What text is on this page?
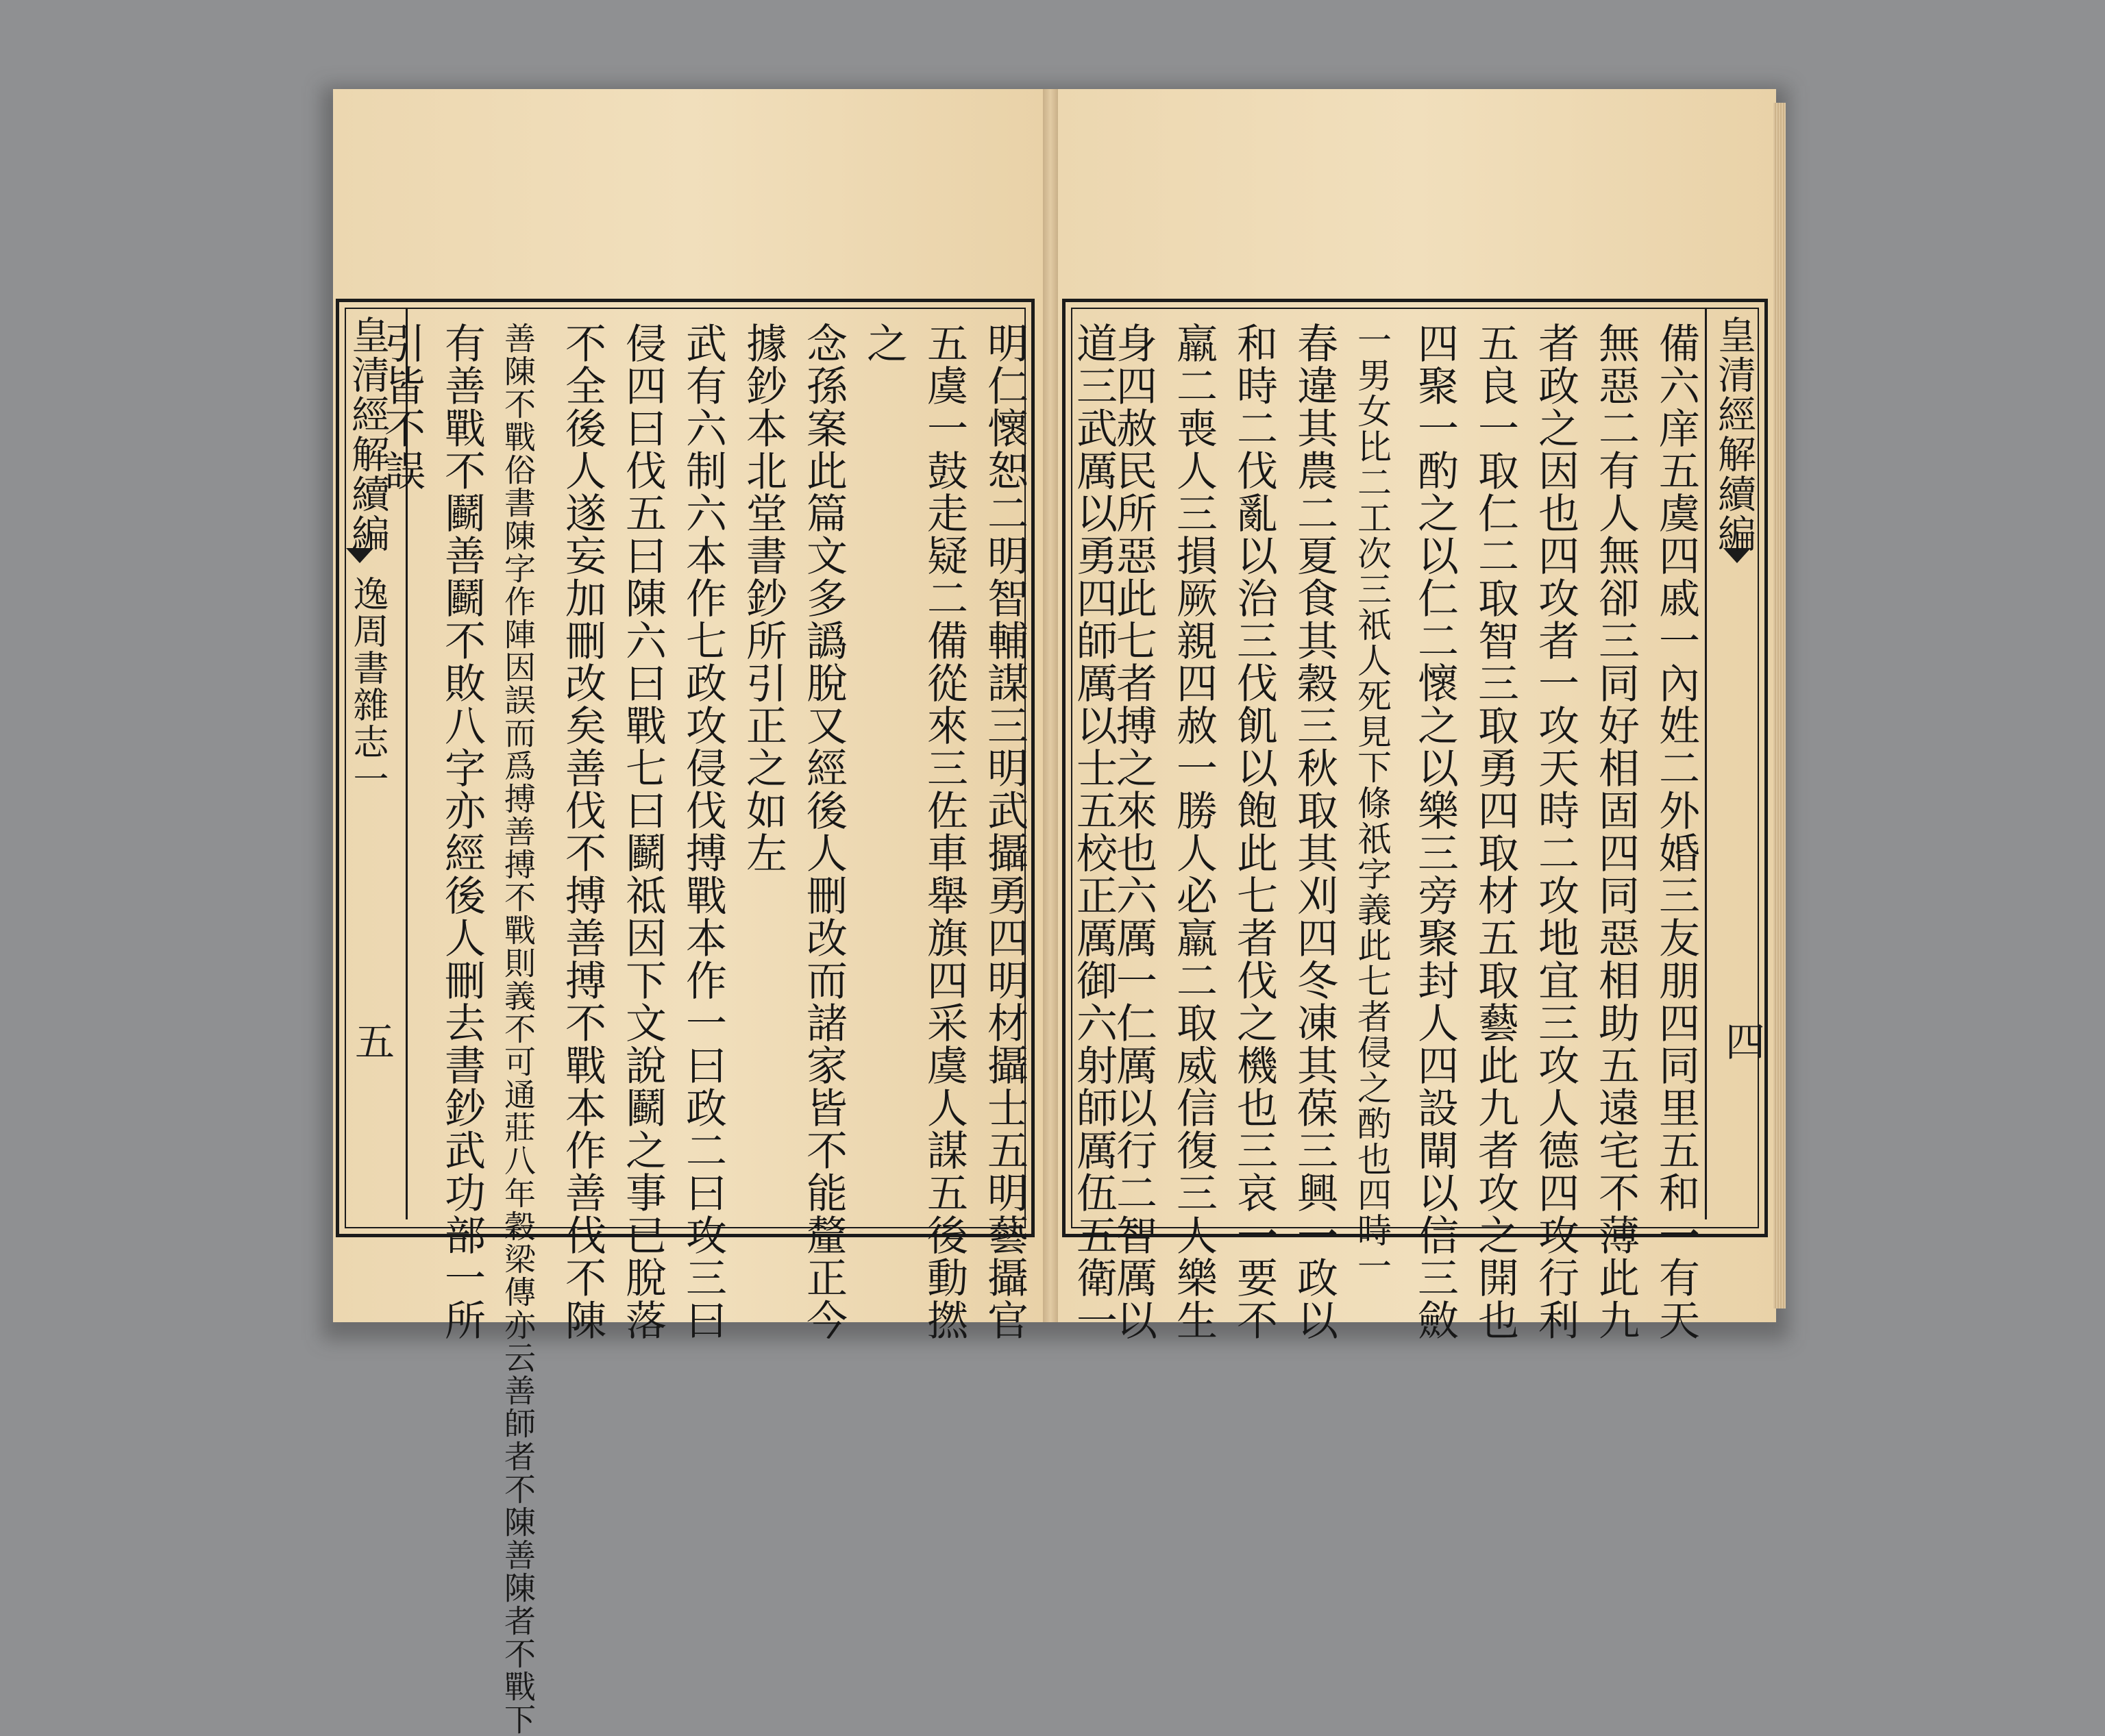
皇清經解續編
逸周書雜志一
五
皇清經解續編
四
明仁懷恕二明智輔謀三明武攝勇四明材攝士五明藝攝官
五虞一鼓走疑二備從來三佐車舉旗四采虞人謀五後動撚
之
念孫案此篇文多譌脫又經後人刪改而諸家皆不能釐正今
據鈔本北堂書鈔所引正之如左
武有六制六本作七政攻侵伐搏戰本作一曰政二曰攻三曰
侵四曰伐五曰陳六曰戰七曰鬬祗因下文說鬬之事已脫落
不全後人遂妄加刪改矣善伐不搏善搏不戰本作善伐不陳
善陳不戰俗書陳字作陣因誤而爲搏善搏不戰則義不可通莊八年穀梁傳亦云善師者不陳善陳者不戰下
有善戰不鬬善鬬不敗八字亦經後人刪去書鈔武功部一所
引皆不誤	備六庠五虞四戚一內姓二外婚三友朋四同里五和一有天
無惡二有人無卻三同好相固四同惡相助五遠宅不薄此九
者政之因也四攻者一攻天時二攻地宜三攻人德四攻行利
五良一取仁二取智三取勇四取材五取藝此九者攻之開也
四聚一酌之以仁二懷之以樂三旁聚封人四設閘以信三斂
一男女比二工次三祇人死見下條祇字義此七者侵之酌也四時一
春違其農二夏食其穀三秋取其刈四冬凍其葆三興一政以
和時二伐亂以治三伐飢以飽此七者伐之機也三哀一要不
羸二喪人三損厥親四赦一勝人必羸二取威信復三人樂生
身四赦民所惡此七者搏之來也六厲一仁厲以行二智厲以
道三武厲以勇四師厲以士五校正厲御六射師厲伍五衛一
